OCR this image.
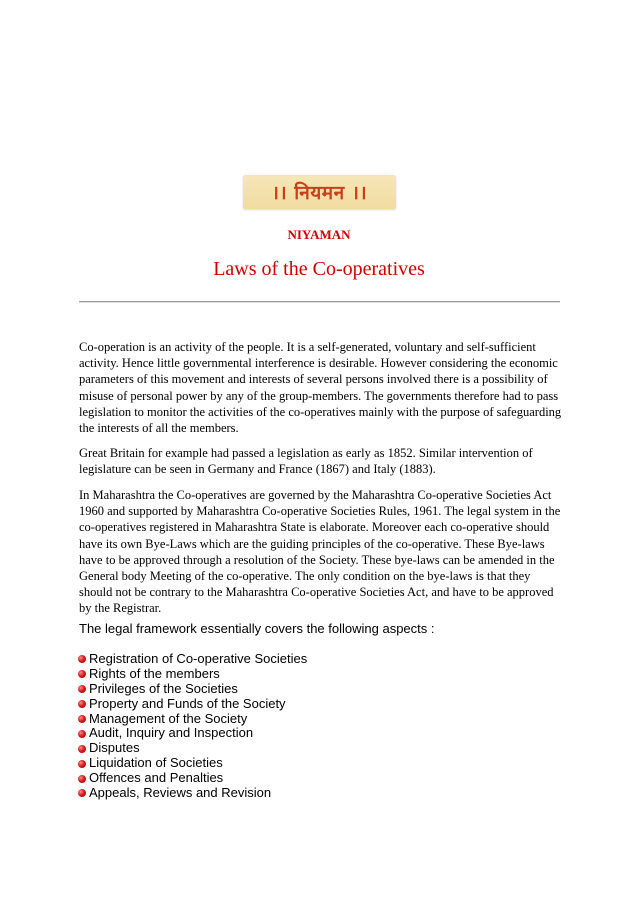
।। नियमन ।।
NIYAMAN
Laws of the Co-operatives

Co-operation is an activity of the people. It is a self-generated, voluntary and self-sufficient activity. Hence little governmental interference is desirable. However considering the economic parameters of this movement and interests of several persons involved there is a possibility of misuse of personal power by any of the group-members. The governments therefore had to pass legislation to monitor the activities of the co-operatives mainly with the purpose of safeguarding the interests of all the members.

Great Britain for example had passed a legislation as early as 1852. Similar intervention of legislature can be seen in Germany and France (1867) and Italy (1883).

In Maharashtra the Co-operatives are governed by the Maharashtra Co-operative Societies Act 1960 and supported by Maharashtra Co-operative Societies Rules, 1961. The legal system in the co-operatives registered in Maharashtra State is elaborate. Moreover each co-operative should have its own Bye-Laws which are the guiding principles of the co-operative. These Bye-laws have to be approved through a resolution of the Society. These bye-laws can be amended in the General body Meeting of the co-operative. The only condition on the bye-laws is that they should not be contrary to the Maharashtra Co-operative Societies Act, and have to be approved by the Registrar.

The legal framework essentially covers the following aspects :

Registration of Co-operative Societies
Rights of the members
Privileges of the Societies
Property and Funds of the Society
Management of the Society
Audit, Inquiry and Inspection
Disputes
Liquidation of Societies
Offences and Penalties
Appeals, Reviews and Revision
